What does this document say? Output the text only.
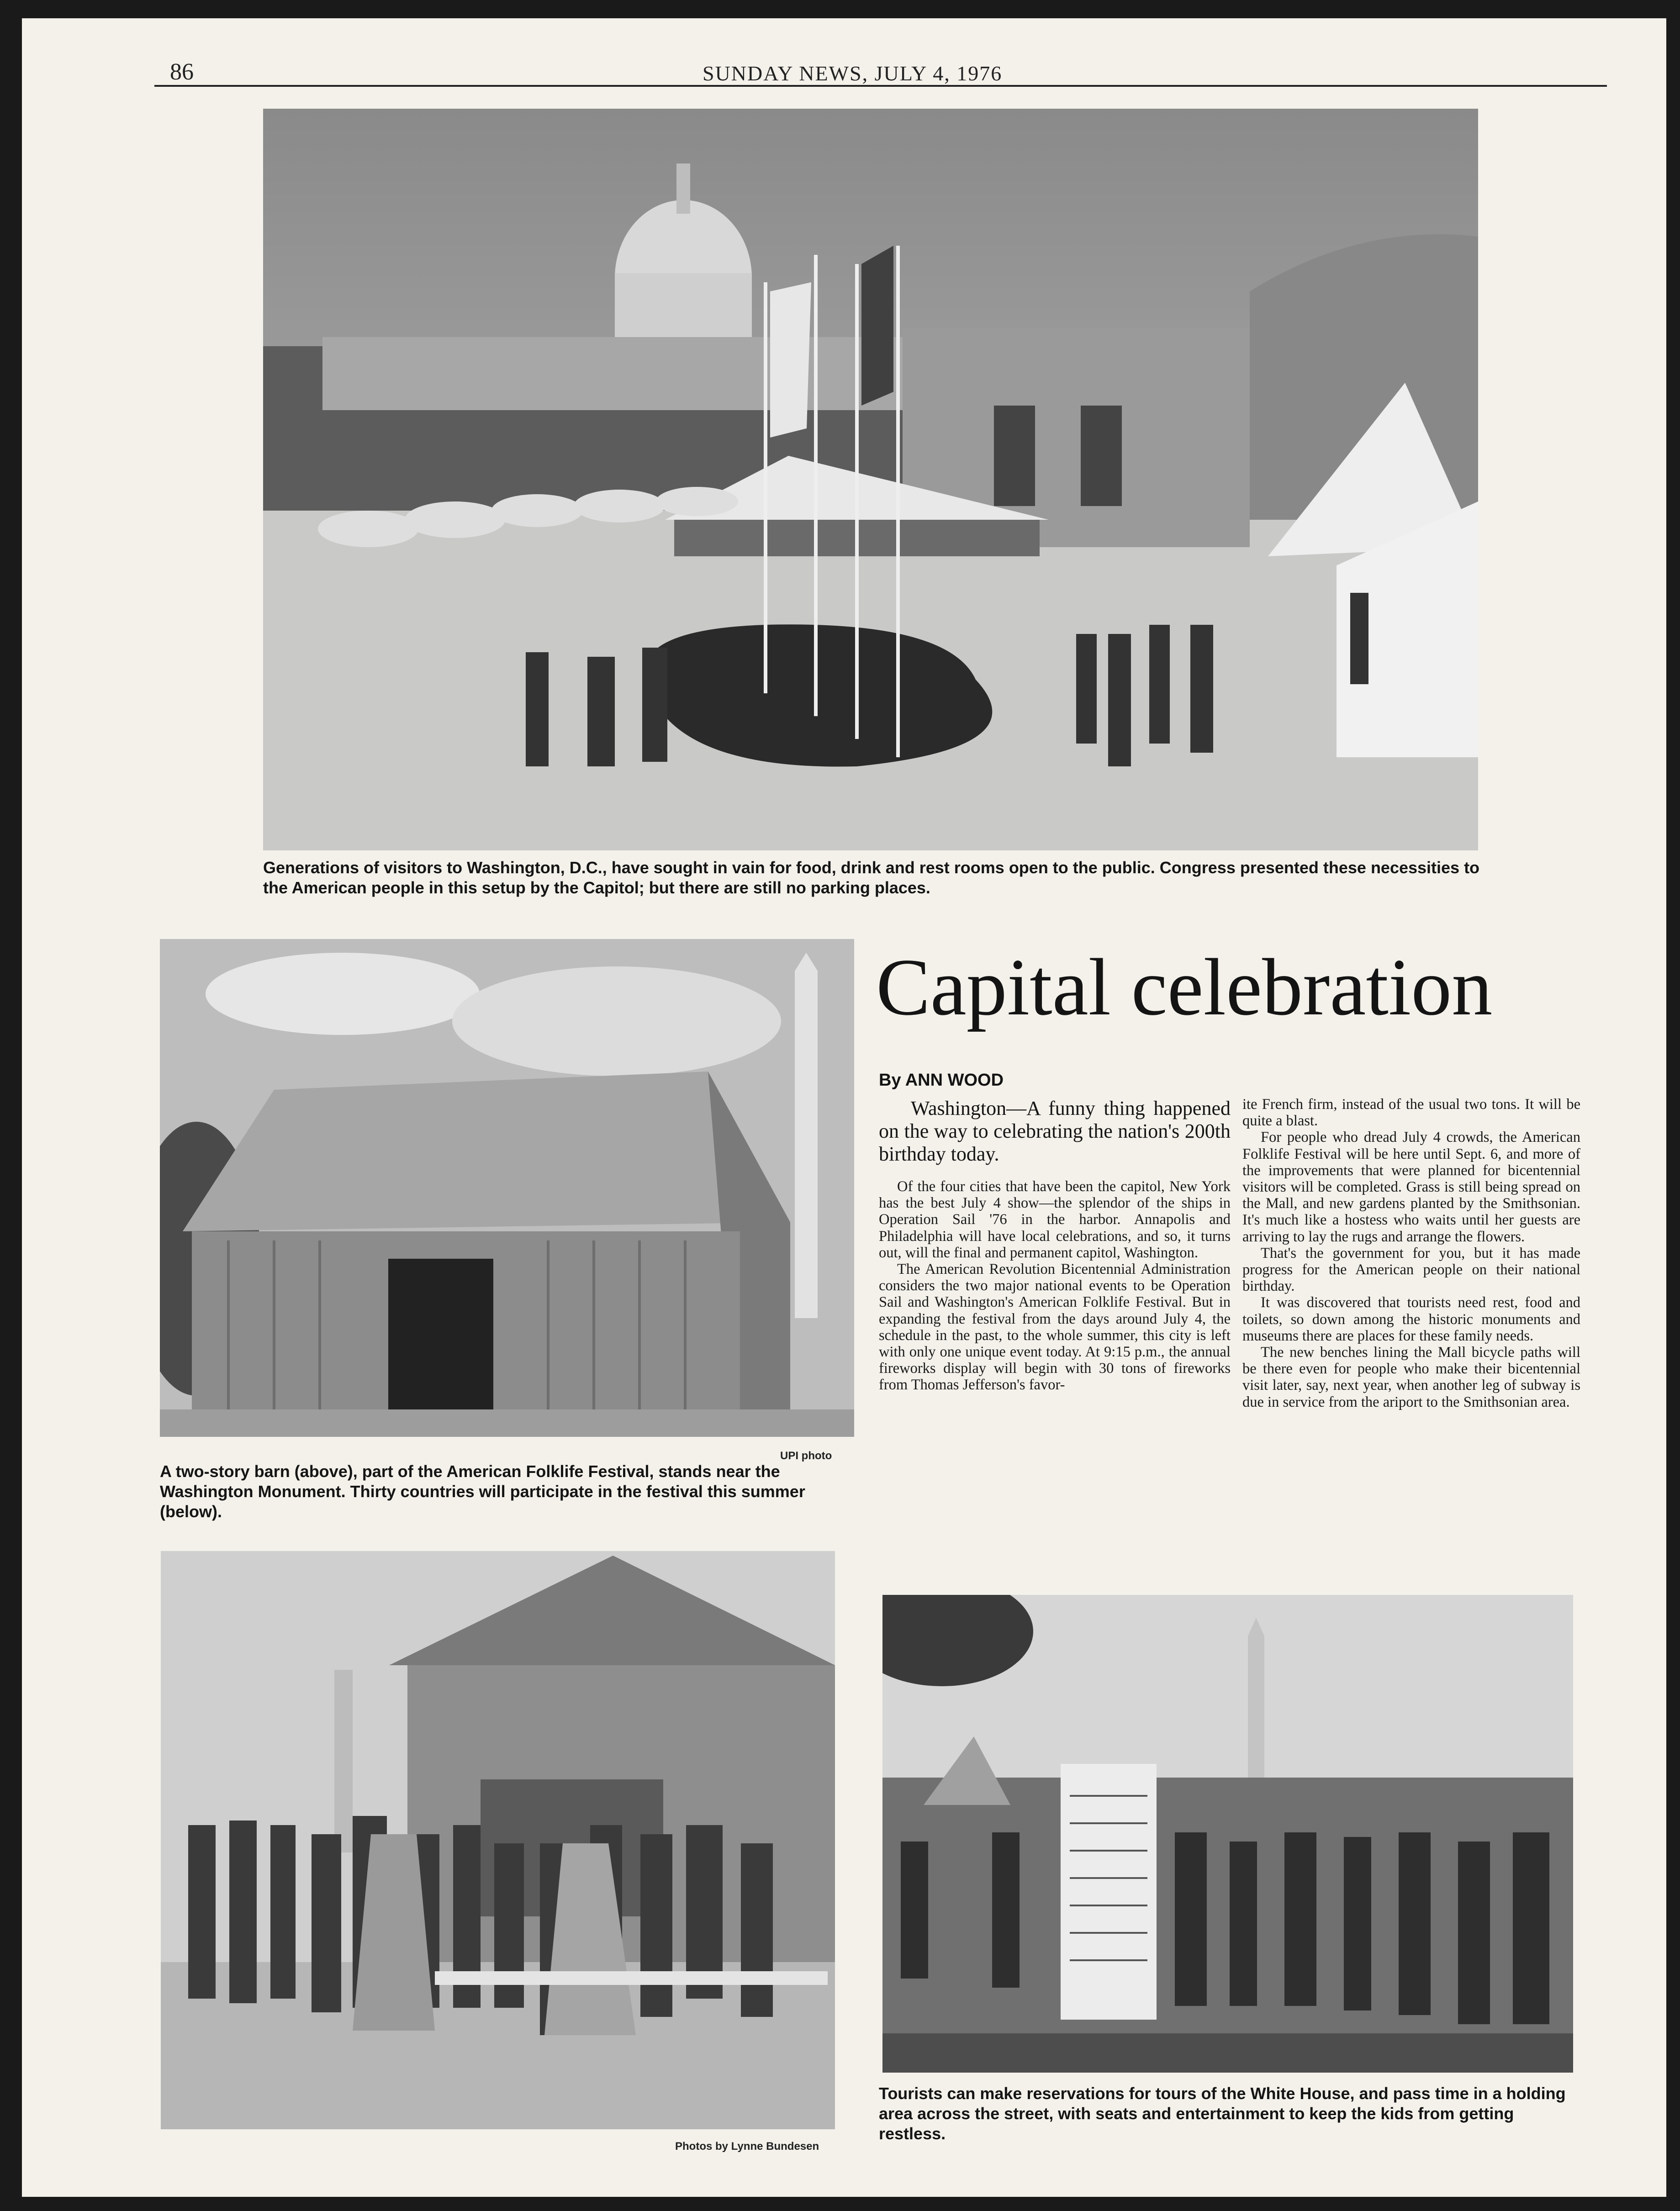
86	SUNDAY NEWS, JULY 4, 1976
Generations of visitors to Washington, D.C., have sought in vain for food, drink and rest rooms open to the public. Congress presented these necessities to the American people in this setup by the Capitol; but there are still no parking places.
UPI photo
A two-story barn (above), part of the American Folklife Festival, stands near the Washington Monument. Thirty countries will participate in the festival this summer (below).
Capital celebration
By ANN WOOD
Washington—A funny thing happened on the way to celebrating the nation's 200th birthday today.

Of the four cities that have been the capitol, New York has the best July 4 show—the splendor of the ships in Operation Sail '76 in the harbor. Annapolis and Philadelphia will have local celebrations, and so, it turns out, will the final and permanent capitol, Washington.

The American Revolution Bicentennial Administration considers the two major national events to be Operation Sail and Washington's American Folklife Festival. But in expanding the festival from the days around July 4, the schedule in the past, to the whole summer, this city is left with only one unique event today. At 9:15 p.m., the annual fireworks display will begin with 30 tons of fireworks from Thomas Jefferson's favor-

ite French firm, instead of the usual two tons. It will be quite a blast.

For people who dread July 4 crowds, the American Folklife Festival will be here until Sept. 6, and more of the improvements that were planned for bicentennial visitors will be completed. Grass is still being spread on the Mall, and new gardens planted by the Smithsonian. It's much like a hostess who waits until her guests are arriving to lay the rugs and arrange the flowers.

That's the government for you, but it has made progress for the American people on their national birthday.

It was discovered that tourists need rest, food and toilets, so down among the historic monuments and museums there are places for these family needs.

The new benches lining the Mall bicycle paths will be there even for people who make their bicentennial visit later, say, next year, when another leg of subway is due in service from the ariport to the Smithsonian area.

Photos by Lynne Bundesen
Tourists can make reservations for tours of the White House, and pass time in a holding area across the street, with seats and entertainment to keep the kids from getting restless.
